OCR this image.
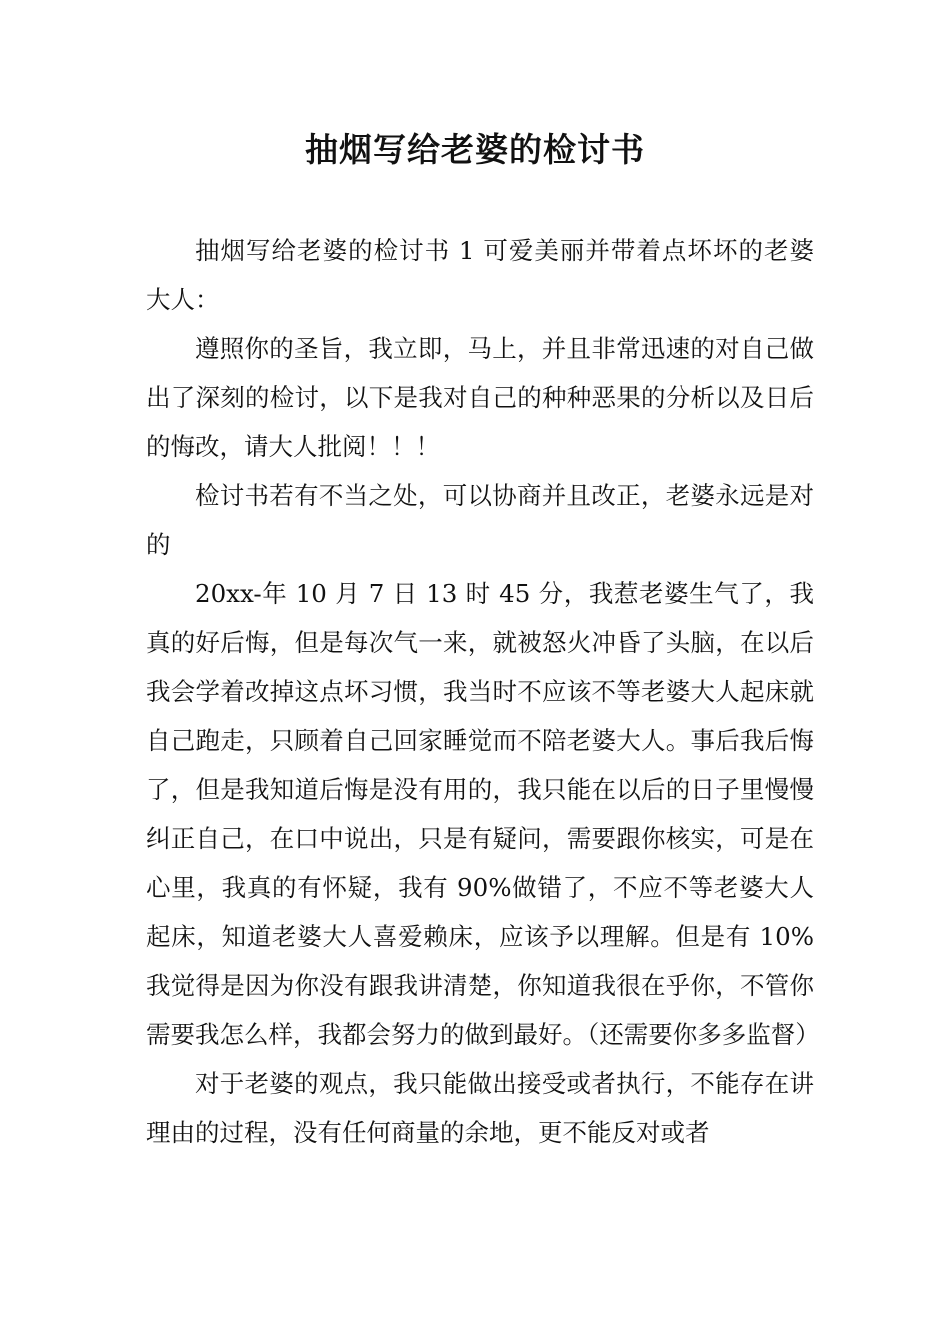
抽烟写给老婆的检讨书

抽烟写给老婆的检讨书 1 可爱美丽并带着点坏坏的老婆大人：

遵照你的圣旨，我立即，马上，并且非常迅速的对自己做出了深刻的检讨，以下是我对自己的种种恶果的分析以及日后的悔改，请大人批阅！！！

检讨书若有不当之处，可以协商并且改正，老婆永远是对的

20xx-年 10 月 7 日 13 时 45 分，我惹老婆生气了，我真的好后悔，但是每次气一来，就被怒火冲昏了头脑，在以后我会学着改掉这点坏习惯，我当时不应该不等老婆大人起床就自己跑走，只顾着自己回家睡觉而不陪老婆大人。事后我后悔了，但是我知道后悔是没有用的，我只能在以后的日子里慢慢纠正自己，在口中说出，只是有疑问，需要跟你核实，可是在心里，我真的有怀疑，我有 90%做错了，不应不等老婆大人起床，知道老婆大人喜爱赖床，应该予以理解。但是有 10%我觉得是因为你没有跟我讲清楚，你知道我很在乎你，不管你需要我怎么样，我都会努力的做到最好。（还需要你多多监督）

对于老婆的观点，我只能做出接受或者执行，不能存在讲理由的过程，没有任何商量的余地，更不能反对或者
